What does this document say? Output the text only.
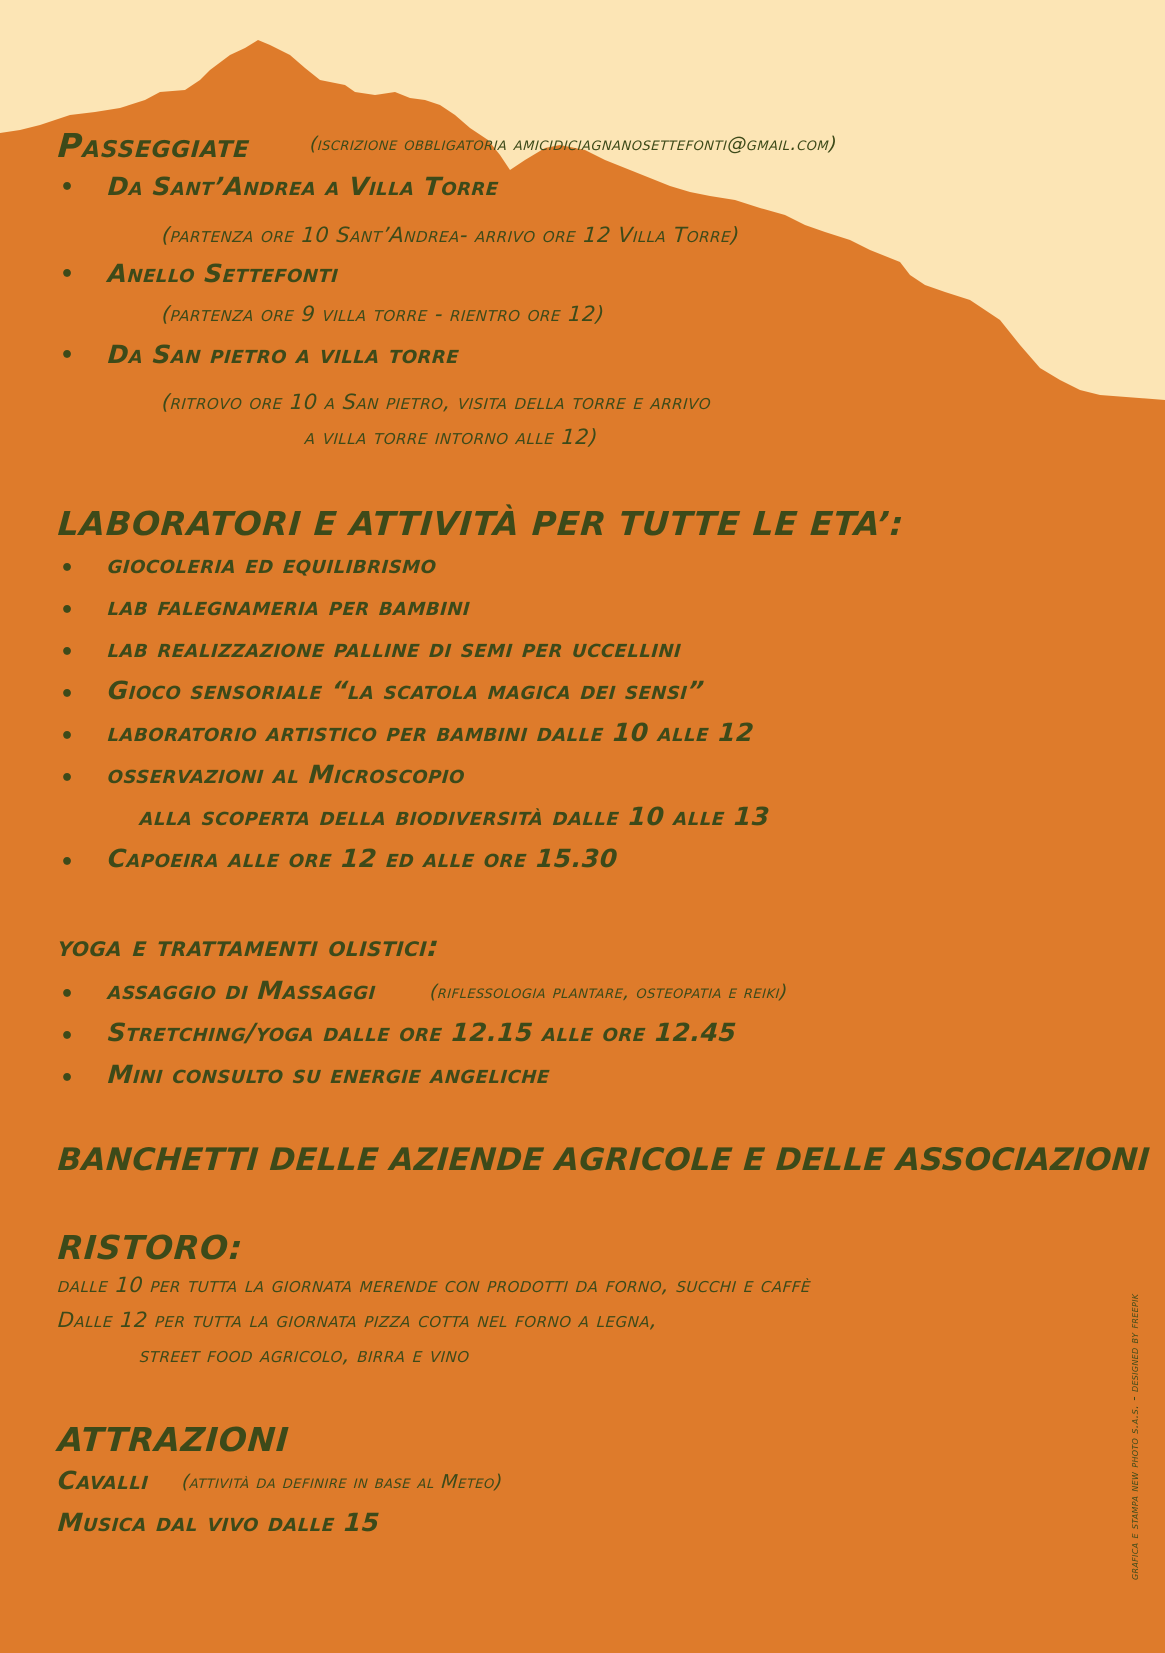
Passeggiate	(iscrizione obbligatoria amicidiciagnanosettefonti@gmail.com)
• Da Sant’Andrea a Villa Torre
(partenza ore 10 Sant’Andrea- arrivo ore 12 Villa Torre)
• Anello Settefonti
(partenza ore 9 villa torre - rientro ore 12)
• Da San pietro a villa torre
(ritrovo ore 10 a San pietro, visita della torre e arrivo
a villa torre intorno alle 12)
LABORATORI E ATTIVITÀ PER TUTTE LE ETA’:
• giocoleria ed equilibrismo
• lab falegnameria per bambini
• lab realizzazione palline di semi per uccellini
• Gioco sensoriale “la scatola magica dei sensi”
• laboratorio artistico per bambini dalle 10 alle 12
• osservazioni al Microscopio
alla scoperta della biodiversità dalle 10 alle 13
• Capoeira alle ore 12 ed alle ore 15.30
yoga e trattamenti olistici:
• assaggio di Massaggi	(riflessologia plantare, osteopatia e reiki)
• Stretching/yoga dalle ore 12.15 alle ore 12.45
• Mini consulto su energie angeliche
BANCHETTI DELLE AZIENDE AGRICOLE E DELLE ASSOCIAZIONI
RISTORO:
dalle 10 per tutta la giornata merende con prodotti da forno, succhi e caffè
Dalle 12 per tutta la giornata pizza cotta nel forno a legna,
street food agricolo, birra e vino
ATTRAZIONI
Cavalli (attività da definire in base al Meteo)
Musica dal vivo dalle 15	grafica e stampa new photo s.a.s. - designed by freepik
